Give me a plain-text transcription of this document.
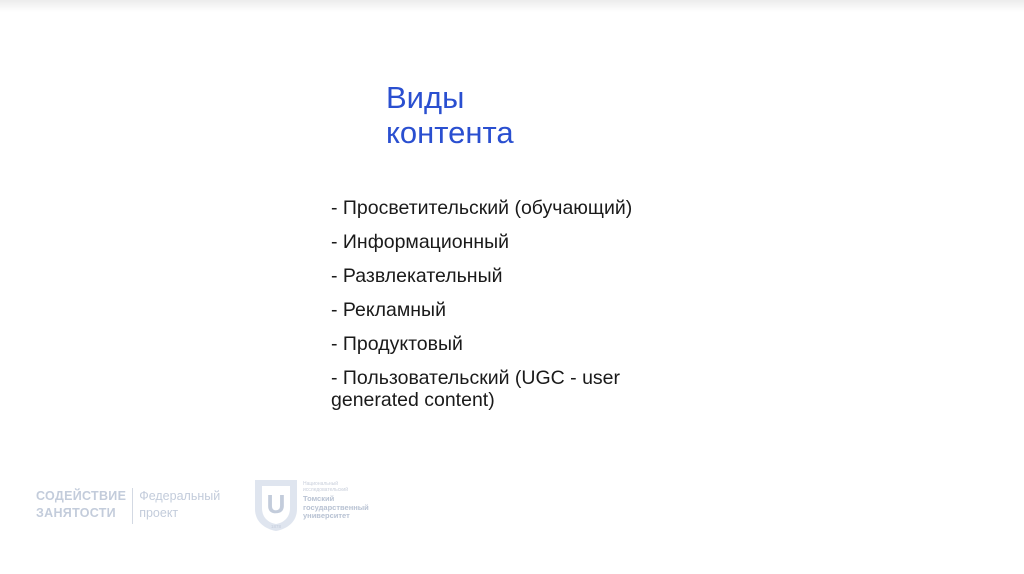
Виды
контента
- Просветительский (обучающий)
- Информационный
- Развлекательный
- Рекламный
- Продуктовый
- Пользовательский (UGC - user generated content)
СОДЕЙСТВИЕ
ЗАНЯТОСТИ
Федеральный
проект	U
1878
Национальный
исследовательский
Томский
государственный
университет
